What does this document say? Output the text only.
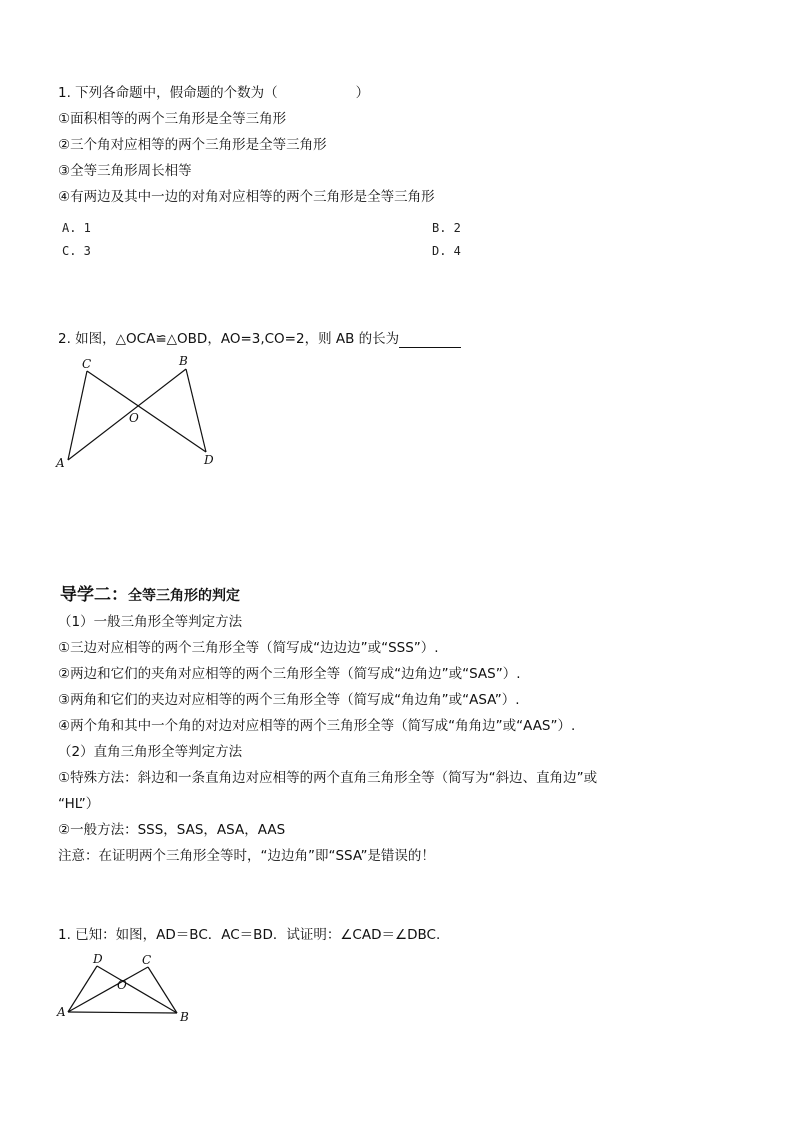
1. 下列各命题中，假命题的个数为（	）
①面积相等的两个三角形是全等三角形
②三个角对应相等的两个三角形是全等三角形
③全等三角形周长相等
④有两边及其中一边的对角对应相等的两个三角形是全等三角形
A. 1	B. 2
C. 3	D. 4
2. 如图，△OCA≌△OBD，AO=3,CO=2，则 AB 的长为
C	B
O
A	D
导学二：全等三角形的判定
（1）一般三角形全等判定方法
①三边对应相等的两个三角形全等（简写成“边边边”或“SSS”）.
②两边和它们的夹角对应相等的两个三角形全等（简写成“边角边”或“SAS”）.
③两角和它们的夹边对应相等的两个三角形全等（简写成“角边角”或“ASA”）.
④两个角和其中一个角的对边对应相等的两个三角形全等（简写成“角角边”或“AAS”）.
（2）直角三角形全等判定方法
①特殊方法：斜边和一条直角边对应相等的两个直角三角形全等（简写为“斜边、直角边”或
“HL”）
②一般方法：SSS，SAS，ASA，AAS
注意：在证明两个三角形全等时，“边边角”即“SSA”是错误的！
1. 已知：如图，AD＝BC．AC＝BD．试证明：∠CAD＝∠DBC.
D	C
O
A	B
